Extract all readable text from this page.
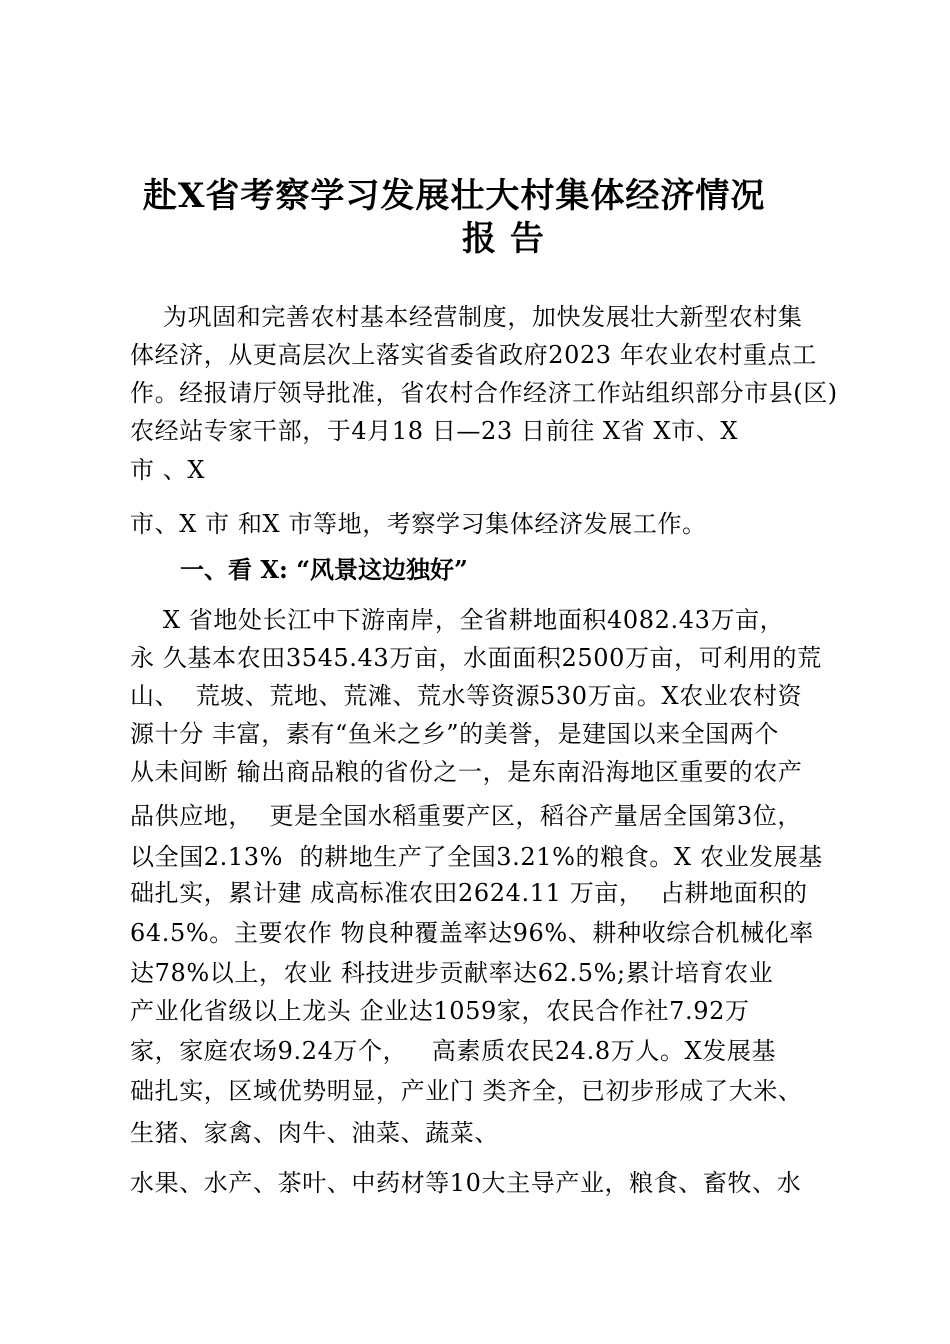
赴X省考察学习发展壮大村集体经济情况
报 告
为巩固和完善农村基本经营制度，加快发展壮大新型农村集
体经济，从更高层次上落实省委省政府2023 年农业农村重点工
作。经报请厅领导批准，省农村合作经济工作站组织部分市县(区)
农经站专家干部，于4月18 日—23 日前往 X省 X市、X
市 、X
市、X 市 和X 市等地，考察学习集体经济发展工作。
一、看 X: “风景这边独好”
X 省地处长江中下游南岸，全省耕地面积4082.43万亩，
永 久基本农田3545.43万亩，水面面积2500万亩，可利用的荒
山、  荒坡、荒地、荒滩、荒水等资源530万亩。X农业农村资
源十分 丰富，素有“鱼米之乡”的美誉，是建国以来全国两个
从未间断 输出商品粮的省份之一，是东南沿海地区重要的农产
品供应地，  更是全国水稻重要产区，稻谷产量居全国第3位，
以全国2.13%  的耕地生产了全国3.21%的粮食。X 农业发展基
础扎实，累计建 成高标准农田2624.11 万亩，  占耕地面积的
64.5%。主要农作 物良种覆盖率达96%、耕种收综合机械化率
达78%以上，农业 科技进步贡献率达62.5%;累计培育农业
产业化省级以上龙头 企业达1059家，农民合作社7.92万
家，家庭农场9.24万个，   高素质农民24.8万人。X发展基
础扎实，区域优势明显，产业门 类齐全，已初步形成了大米、
生猪、家禽、肉牛、油菜、蔬菜、
水果、水产、茶叶、中药材等10大主导产业，粮食、畜牧、水
